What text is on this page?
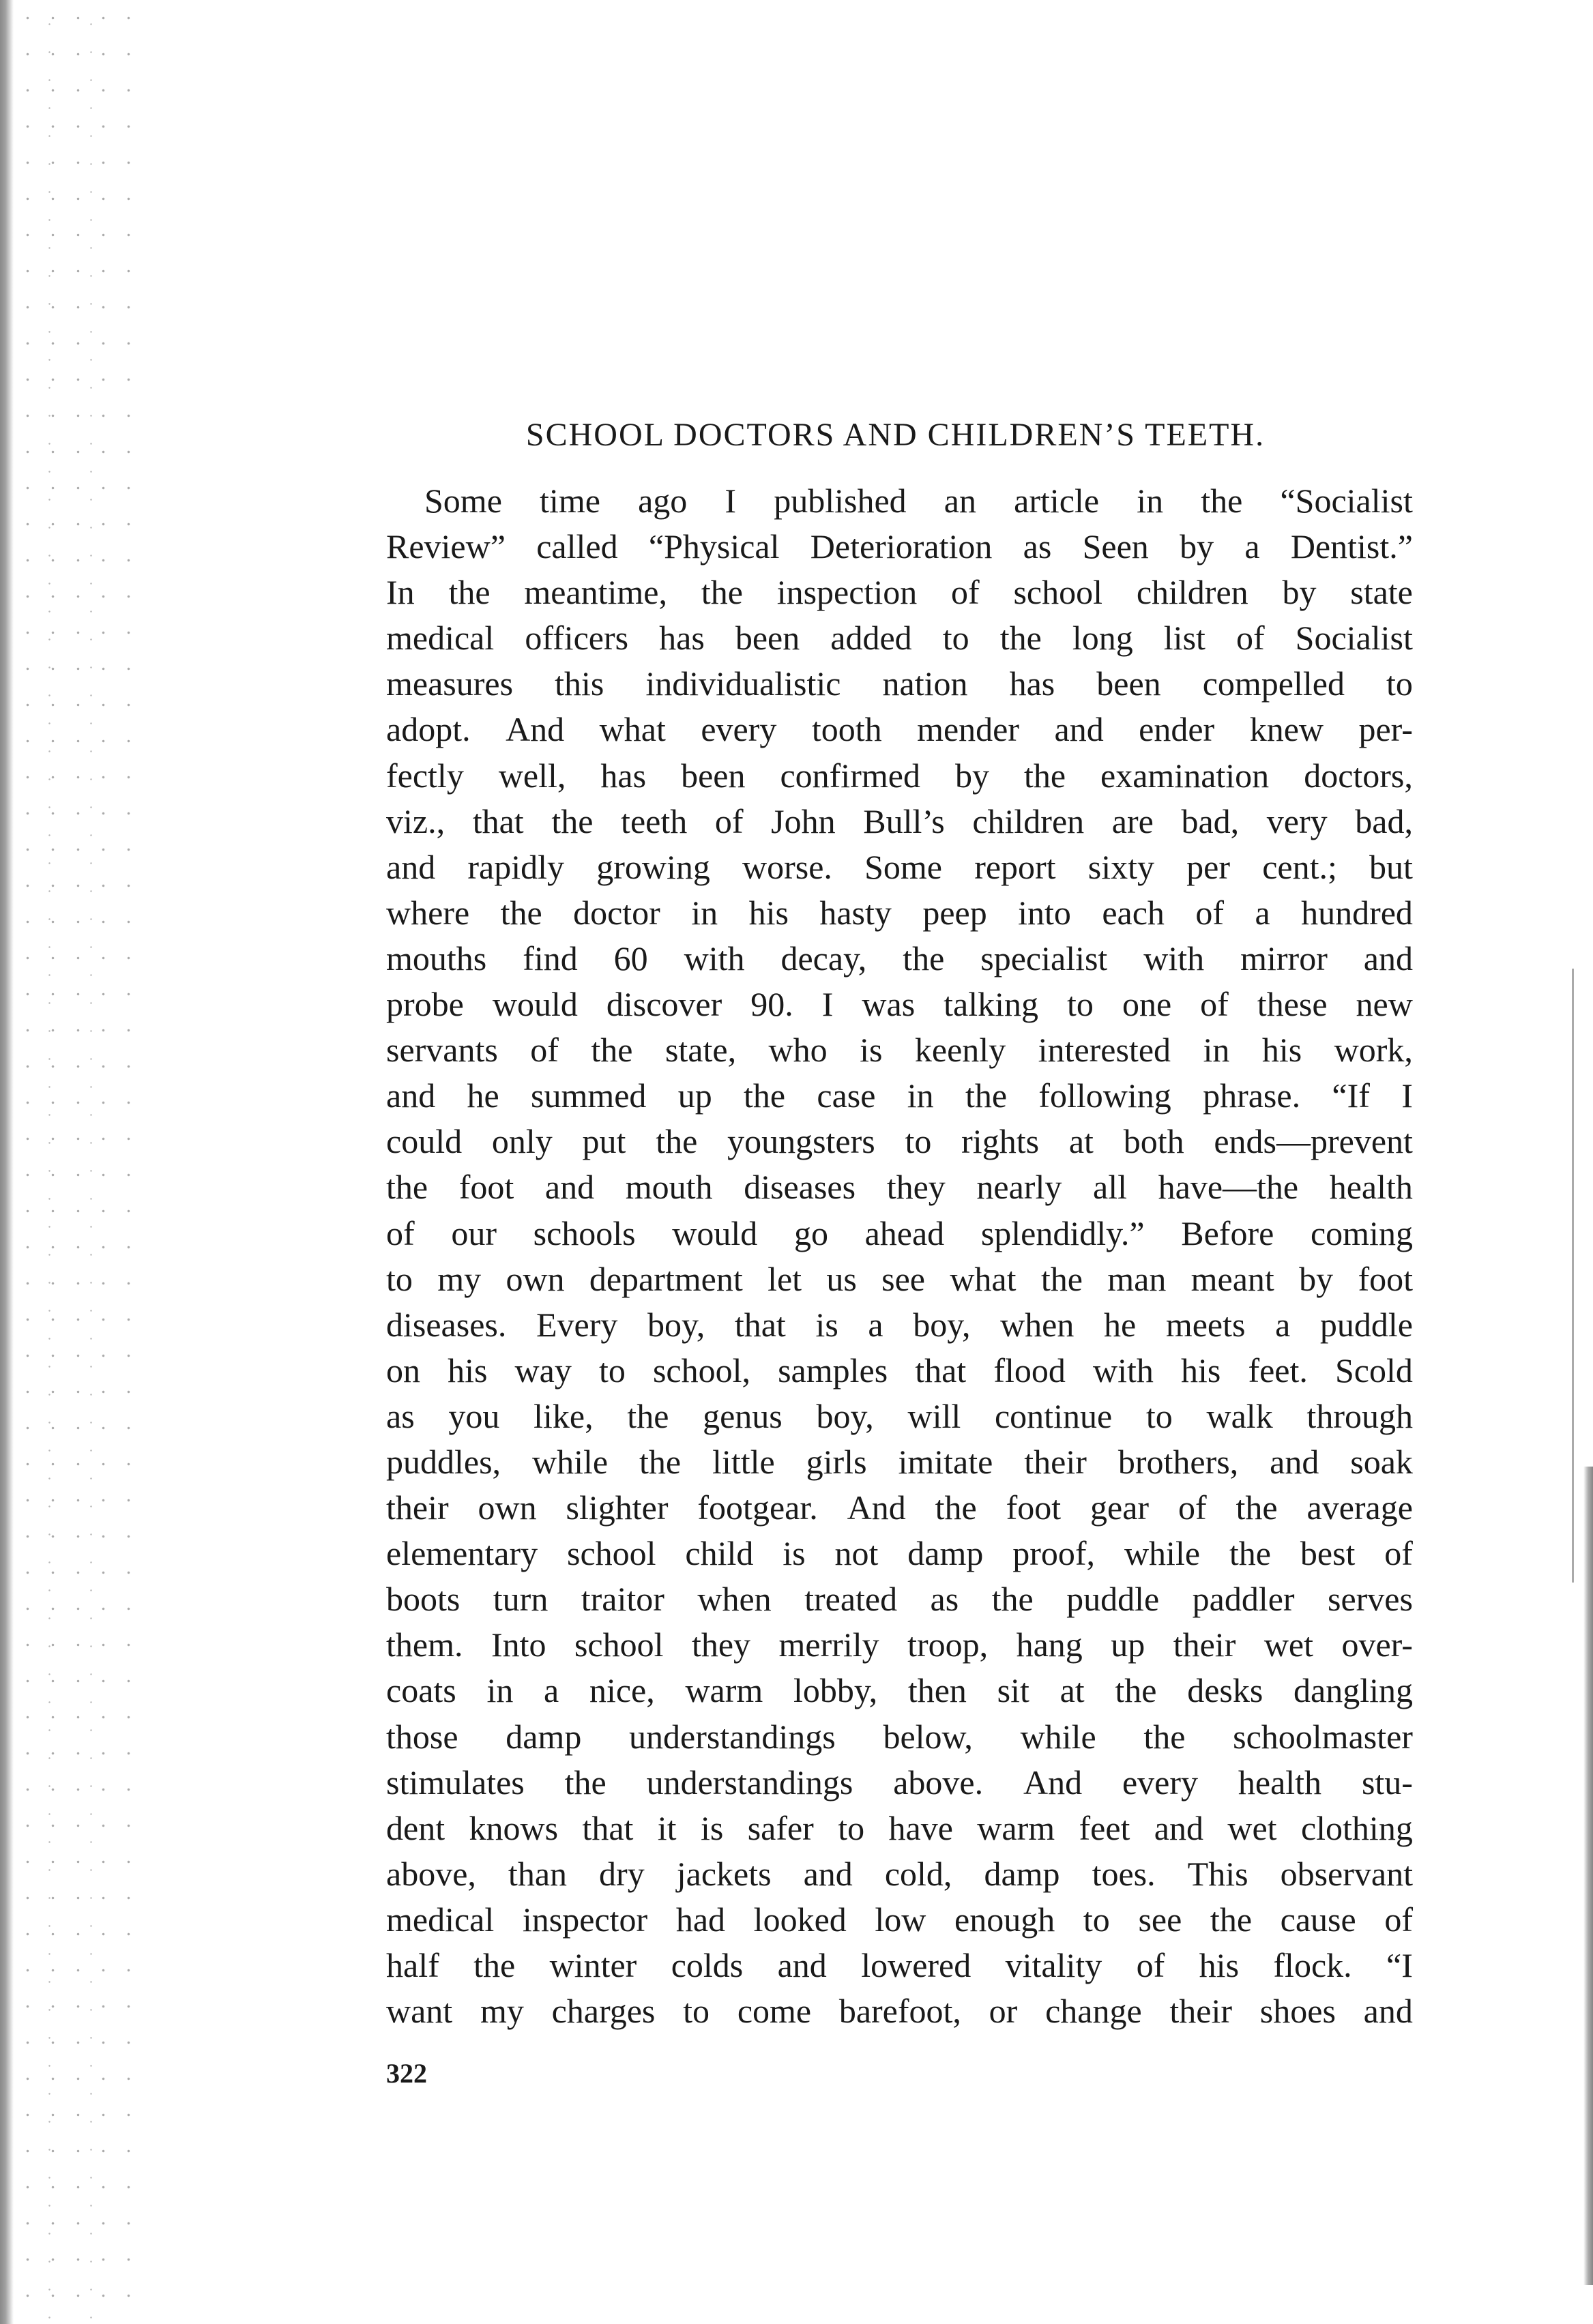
SCHOOL DOCTORS AND CHILDREN’S TEETH.
Some time ago I published an article in the “Socialist
Review” called “Physical Deterioration as Seen by a Dentist.”
In the meantime, the inspection of school children by state
medical officers has been added to the long list of Socialist
measures this individualistic nation has been compelled to
adopt. And what every tooth mender and ender knew per-
fectly well, has been confirmed by the examination doctors,
viz., that the teeth of John Bull’s children are bad, very bad,
and rapidly growing worse. Some report sixty per cent.; but
where the doctor in his hasty peep into each of a hundred
mouths find 60 with decay, the specialist with mirror and
probe would discover 90. I was talking to one of these new
servants of the state, who is keenly interested in his work,
and he summed up the case in the following phrase. “If I
could only put the youngsters to rights at both ends—prevent
the foot and mouth diseases they nearly all have—the health
of our schools would go ahead splendidly.” Before coming
to my own department let us see what the man meant by foot
diseases. Every boy, that is a boy, when he meets a puddle
on his way to school, samples that flood with his feet. Scold
as you like, the genus boy, will continue to walk through
puddles, while the little girls imitate their brothers, and soak
their own slighter footgear. And the foot gear of the average
elementary school child is not damp proof, while the best of
boots turn traitor when treated as the puddle paddler serves
them. Into school they merrily troop, hang up their wet over-
coats in a nice, warm lobby, then sit at the desks dangling
those damp understandings below, while the schoolmaster
stimulates the understandings above. And every health stu-
dent knows that it is safer to have warm feet and wet clothing
above, than dry jackets and cold, damp toes. This observant
medical inspector had looked low enough to see the cause of
half the winter colds and lowered vitality of his flock. “I
want my charges to come barefoot, or change their shoes and
322
